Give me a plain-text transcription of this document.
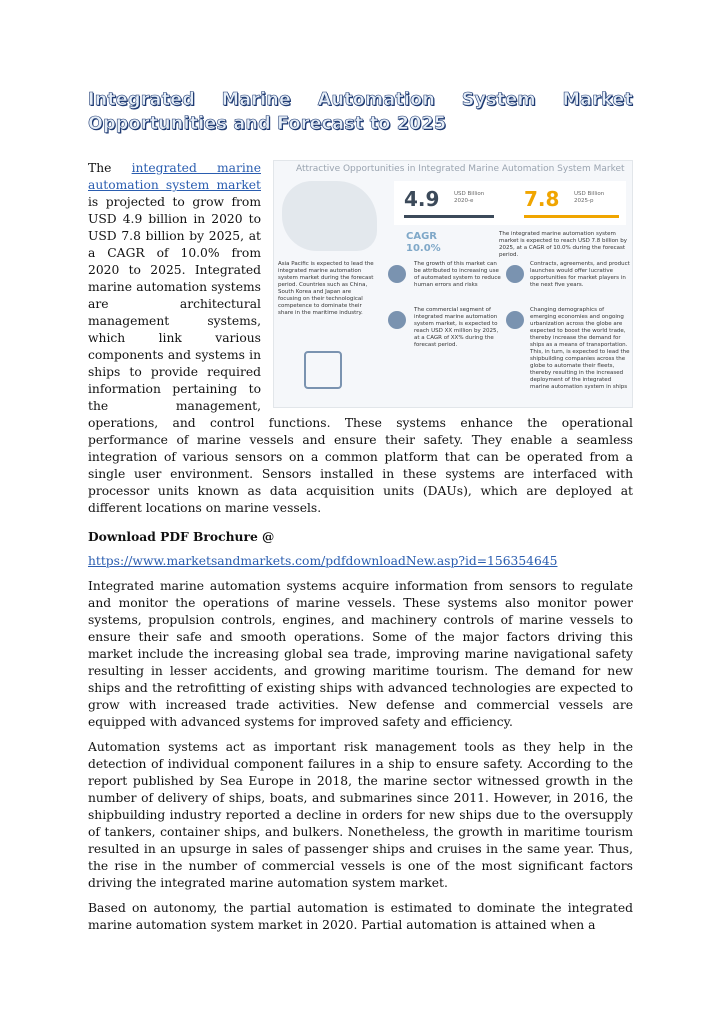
Integrated Marine Automation System Market Opportunities and Forecast to 2025
Attractive Opportunities in Integrated Marine Automation System Market
4.9	USD Billion 2020-e	7.8	USD Billion 2025-p
CAGR
10.0%
The integrated marine automation system market is expected to reach USD 7.8 billion by 2025, at a CAGR of 10.0% during the forecast period.
Asia Pacific is expected to lead the integrated marine automation system market during the forecast period. Countries such as China, South Korea and Japan are focusing on their technological competence to dominate their share in the maritime industry.
The growth of this market can be attributed to increasing use of automated system to reduce human errors and risks
Contracts, agreements, and product launches would offer lucrative opportunities for market players in the next five years.
The commercial segment of integrated marine automation system market, is expected to reach USD XX million by 2025, at a CAGR of XX% during the forecast period.
Changing demographics of emerging economies and ongoing urbanization across the globe are expected to boost the world trade, thereby increase the demand for ships as a means of transportation. This, in turn, is expected to lead the shipbuilding companies across the globe to automate their fleets, thereby resulting in the increased deployment of the integrated marine automation system in ships

The integrated marine automation system market is projected to grow from USD 4.9 billion in 2020 to USD 7.8 billion by 2025, at a CAGR of 10.0% from 2020 to 2025. Integrated marine automation systems are architectural management systems, which link various components and systems in ships to provide required information pertaining to the management, operations, and control functions. These systems enhance the operational performance of marine vessels and ensure their safety. They enable a seamless integration of various sensors on a common platform that can be operated from a single user environment. Sensors installed in these systems are interfaced with processor units known as data acquisition units (DAUs), which are deployed at different locations on marine vessels.

Download PDF Brochure @
https://www.marketsandmarkets.com/pdfdownloadNew.asp?id=156354645

Integrated marine automation systems acquire information from sensors to regulate and monitor the operations of marine vessels. These systems also monitor power systems, propulsion controls, engines, and machinery controls of marine vessels to ensure their safe and smooth operations. Some of the major factors driving this market include the increasing global sea trade, improving marine navigational safety resulting in lesser accidents, and growing maritime tourism. The demand for new ships and the retrofitting of existing ships with advanced technologies are expected to grow with increased trade activities. New defense and commercial vessels are equipped with advanced systems for improved safety and efficiency.

Automation systems act as important risk management tools as they help in the detection of individual component failures in a ship to ensure safety. According to the report published by Sea Europe in 2018, the marine sector witnessed growth in the number of delivery of ships, boats, and submarines since 2011. However, in 2016, the shipbuilding industry reported a decline in orders for new ships due to the oversupply of tankers, container ships, and bulkers. Nonetheless, the growth in maritime tourism resulted in an upsurge in sales of passenger ships and cruises in the same year. Thus, the rise in the number of commercial vessels is one of the most significant factors driving the integrated marine automation system market.

Based on autonomy, the partial automation is estimated to dominate the integrated marine automation system market in 2020. Partial automation is attained when a
